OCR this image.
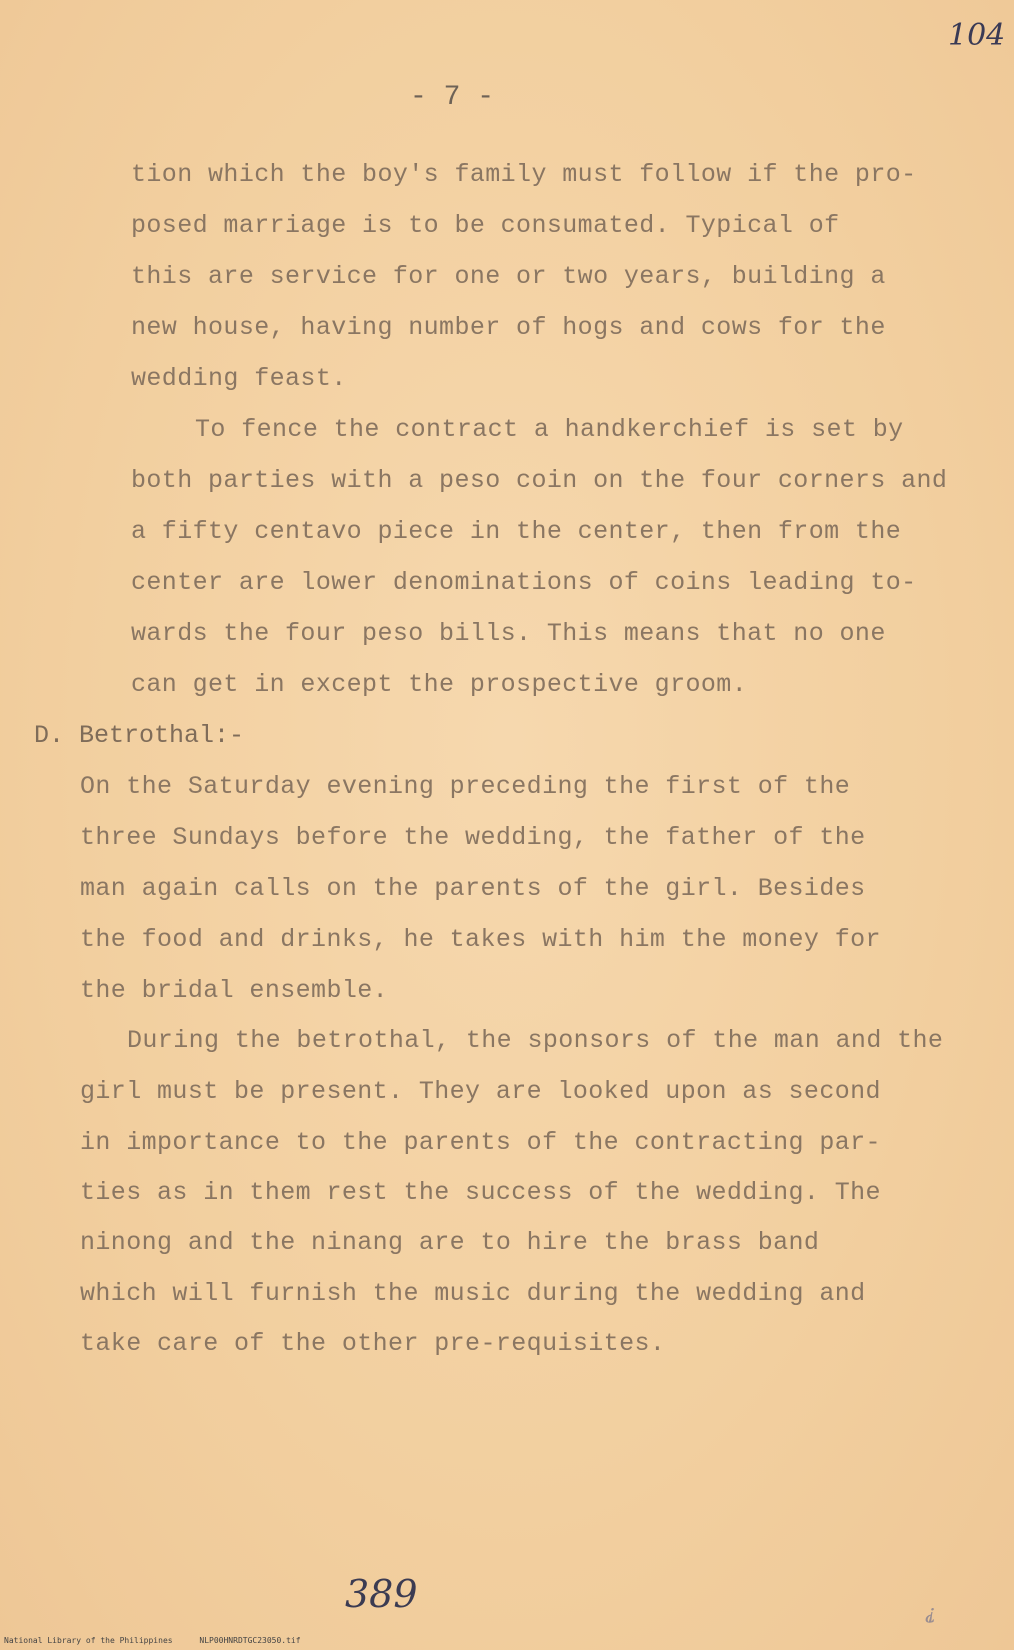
104
- 7 -
tion which the boy's family must follow if the pro-
posed marriage is to be consumated. Typical of
this are service for one or two years, building a
new house, having number of hogs and cows for the
wedding feast.
To fence the contract a handkerchief is set by
both parties with a peso coin on the four corners and
a fifty centavo piece in the center, then from the
center are lower denominations of coins leading to-
wards the four peso bills. This means that no one
can get in except the prospective groom.
D. Betrothal:-
On the Saturday evening preceding the first of the
three Sundays before the wedding, the father of the
man again calls on the parents of the girl. Besides
the food and drinks, he takes with him the money for
the bridal ensemble.
During the betrothal, the sponsors of the man and the
girl must be present. They are looked upon as second
in importance to the parents of the contracting par-
ties as in them rest the success of the wedding. The
ninong and the ninang are to hire the brass band
which will furnish the music during the wedding and
take care of the other pre-requisites.
389	⸘
National Library of the Philippines	NLP00HNRDTGC23050.tif
